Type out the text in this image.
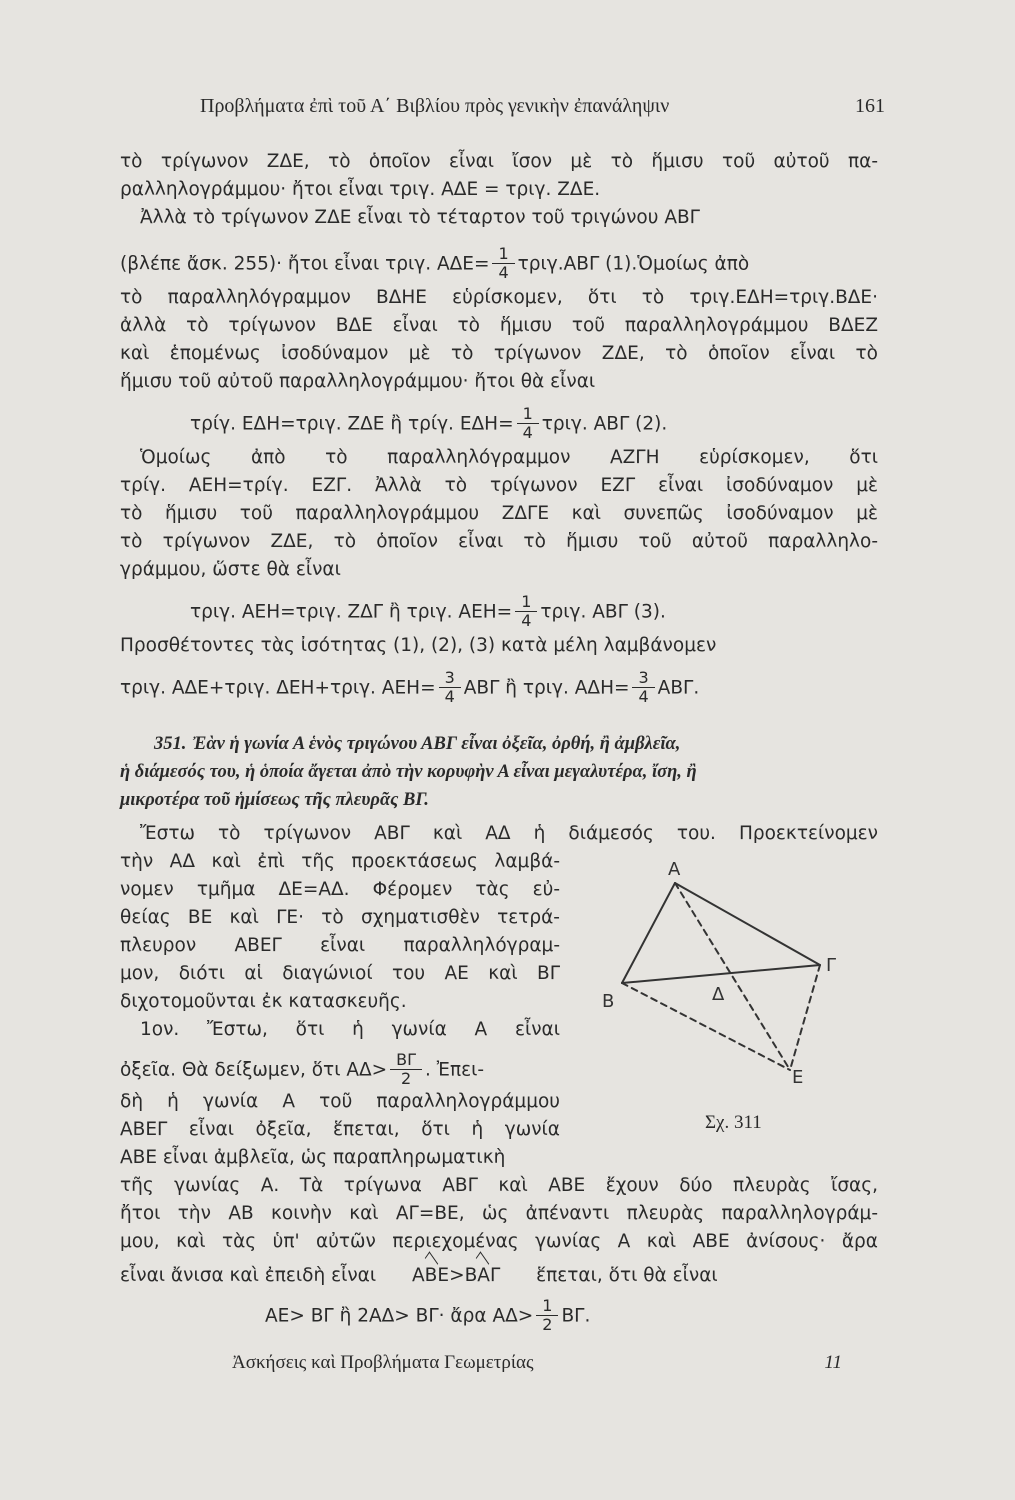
Προβλήματα ἐπὶ τοῦ Α΄ Βιβλίου πρὸς γενικὴν ἐπανάληψιν	161
τὸ τρίγωνον ΖΔΕ, τὸ ὁποῖον εἶναι ἴσον μὲ τὸ ἥμισυ τοῦ αὐτοῦ πα-
ραλληλογράμμου· ἤτοι εἶναι τριγ. ΑΔΕ = τριγ. ΖΔΕ.
Ἀλλὰ τὸ τρίγωνον ΖΔΕ εἶναι τὸ τέταρτον τοῦ τριγώνου ΑΒΓ
(βλέπε ἄσκ. 255)· ἤτοι εἶναι τριγ. $A\Delta E= \frac{1}{4} \tau\rho\iota\gamma.AB\Gamma$ (1).Ὁμοίως ἀπὸ
τὸ παραλληλόγραμμον ΒΔΗΕ εὑρίσκομεν, ὅτι τὸ τριγ.ΕΔΗ=τριγ.ΒΔΕ·
ἀλλὰ τὸ τρίγωνον ΒΔΕ εἶναι τὸ ἥμισυ τοῦ παραλληλογράμμου ΒΔΕΖ
καὶ ἑπομένως ἰσοδύναμον μὲ τὸ τρίγωνον ΖΔΕ, τὸ ὁποῖον εἶναι τὸ
ἥμισυ τοῦ αὐτοῦ παραλληλογράμμου· ἤτοι θὰ εἶναι
τρίγ. ΕΔΗ=τριγ. ΖΔΕ ἢ τρίγ. $E\Delta H= \frac{1}{4} \tau\rho\iota\gamma$. ΑΒΓ (2).
Ὁμοίως ἀπὸ τὸ παραλληλόγραμμον ΑΖΓΗ εὑρίσκομεν, ὅτι
τρίγ. ΑΕΗ=τρίγ. ΕΖΓ. Ἀλλὰ τὸ τρίγωνον ΕΖΓ εἶναι ἰσοδύναμον μὲ
τὸ ἥμισυ τοῦ παραλληλογράμμου ΖΔΓΕ καὶ συνεπῶς ἰσοδύναμον μὲ
τὸ τρίγωνον ΖΔΕ, τὸ ὁποῖον εἶναι τὸ ἥμισυ τοῦ αὐτοῦ παραλληλο-
γράμμου, ὥστε θὰ εἶναι
τριγ. ΑΕΗ=τριγ. ΖΔΓ ἢ τριγ. $AEH= \frac{1}{4} \tau\rho\iota\gamma$. ΑΒΓ (3).
Προσθέτοντες τὰς ἰσότητας (1), (2), (3) κατὰ μέλη λαμβάνομεν
τριγ. ΑΔΕ+τριγ. ΔΕΗ+τριγ. $AEH= \frac{3}{4}$ ΑΒΓ ἢ τριγ. $A\Delta H= \frac{3}{4} AB\Gamma$.
351. Ἐὰν ἡ γωνία Α ἑνὸς τριγώνου ΑΒΓ εἶναι ὀξεῖα, ὀρθή, ἢ ἀμβλεῖα,
ἡ διάμεσός του, ἡ ὁποία ἄγεται ἀπὸ τὴν κορυφὴν Α εἶναι μεγαλυτέρα, ἴση, ἢ
μικροτέρα τοῦ ἡμίσεως τῆς πλευρᾶς ΒΓ.
Ἔστω τὸ τρίγωνον ΑΒΓ καὶ ΑΔ ἡ διάμεσός του. Προεκτείνομεν
τὴν ΑΔ καὶ ἐπὶ τῆς προεκτάσεως λαμβά-
νομεν τμῆμα ΔΕ=ΑΔ. Φέρομεν τὰς εὐ-
θείας ΒΕ καὶ ΓΕ· τὸ σχηματισθὲν τετρά-
πλευρον ΑΒΕΓ εἶναι παραλληλόγραμ-
μον, διότι αἱ διαγώνιοί του ΑΕ καὶ ΒΓ
διχοτομοῦνται ἐκ κατασκευῆς.
1ον. Ἔστω, ὅτι ἡ γωνία Α εἶναι
ὀξεῖα. Θὰ δείξωμεν, ὅτι $A\Delta> \frac{B\Gamma}{2}$ . Ἐπει-
δὴ ἡ γωνία Α τοῦ παραλληλογράμμου
ΑΒΕΓ εἶναι ὀξεῖα, ἕπεται, ὅτι ἡ γωνία
ΑΒΕ εἶναι ἀμβλεῖα, ὡς παραπληρωματικὴ
τῆς γωνίας Α. Τὰ τρίγωνα ΑΒΓ καὶ ΑΒΕ ἔχουν δύο πλευρὰς ἴσας,
ἤτοι τὴν ΑΒ κοινὴν καὶ ΑΓ=ΒΕ, ὡς ἀπέναντι πλευρὰς παραλληλογράμ-
μου, καὶ τὰς ὑπ' αὐτῶν περιεχομένας γωνίας Α καὶ ΑΒΕ ἀνίσους· ἄρα
εἶναι ἄνισα καὶ ἐπειδὴ εἶναι ΑΒΕ>ΒΑΓ ἕπεται, ὅτι θὰ εἶναι
ΑΕ> ΒΓ ἢ 2ΑΔ> ΒΓ· ἄρα $A\Delta> \frac{1}{2} B\Gamma$.
Α
Β
Γ
Δ
Ε
Σχ. 311
Ἀσκήσεις καὶ Προβλήματα Γεωμετρίας	11
